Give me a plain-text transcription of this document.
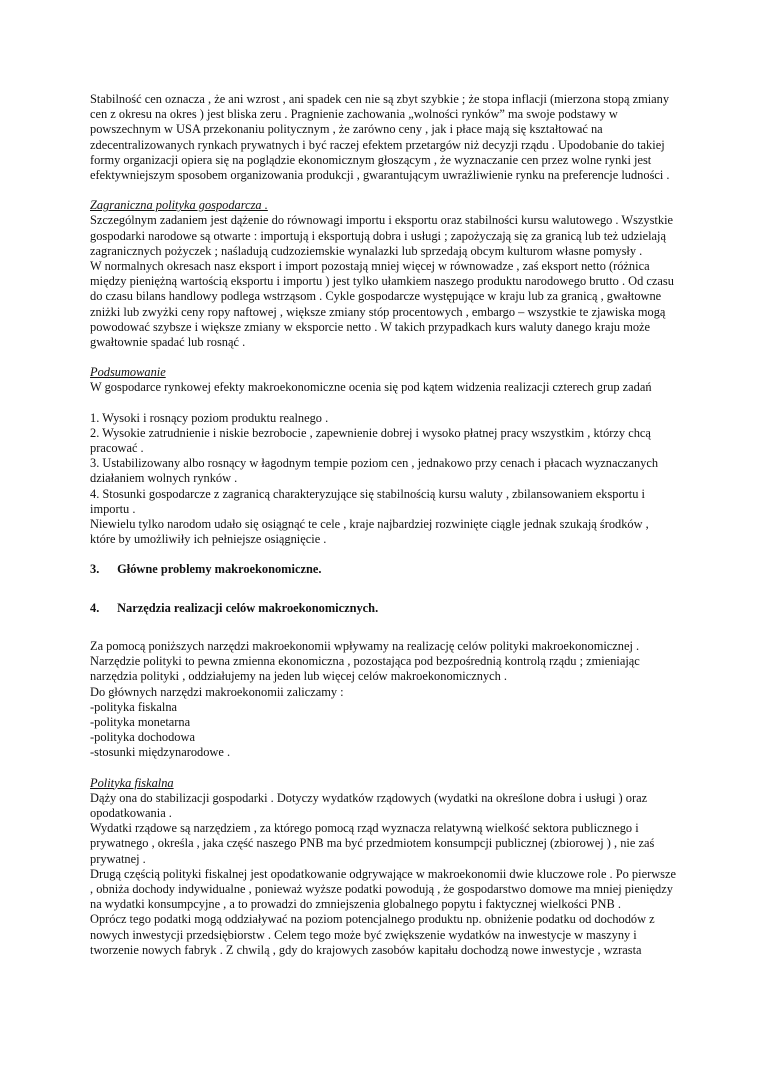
Stabilność cen oznacza , że ani wzrost , ani spadek cen nie są zbyt szybkie ; że stopa inflacji (mierzona stopą zmiany cen z okresu na okres ) jest bliska zeru . Pragnienie zachowania „wolności rynków” ma swoje podstawy w powszechnym w USA przekonaniu politycznym , że zarówno ceny , jak i płace mają się kształtować na zdecentralizowanych rynkach prywatnych i być raczej efektem przetargów niż decyzji rządu . Upodobanie do takiej formy organizacji opiera się na poglądzie ekonomicznym głoszącym , że wyznaczanie cen przez wolne rynki jest efektywniejszym sposobem organizowania produkcji , gwarantującym uwrażliwienie rynku na preferencje ludności .

Zagraniczna polityka gospodarcza .

Szczególnym zadaniem jest dążenie do równowagi importu i eksportu oraz stabilności kursu walutowego . Wszystkie gospodarki narodowe są otwarte : importują i eksportują dobra i usługi ; zapożyczają się za granicą lub też udzielają zagranicznych pożyczek ; naśladują cudzoziemskie wynalazki lub sprzedają obcym kulturom własne pomysły .

W normalnych okresach nasz eksport i import pozostają mniej więcej w równowadze , zaś eksport netto (różnica między pieniężną wartością eksportu i importu ) jest tylko ułamkiem naszego produktu narodowego brutto . Od czasu do czasu bilans handlowy podlega wstrząsom . Cykle gospodarcze występujące w kraju lub za granicą , gwałtowne zniżki lub zwyżki ceny ropy naftowej , większe zmiany stóp procentowych , embargo – wszystkie te zjawiska mogą powodować szybsze i większe zmiany w eksporcie netto . W takich przypadkach kurs waluty danego kraju może gwałtownie spadać lub rosnąć .

Podsumowanie

W gospodarce rynkowej efekty makroekonomiczne ocenia się pod kątem widzenia realizacji czterech grup zadań

1. Wysoki i rosnący poziom produktu realnego .

2. Wysokie zatrudnienie i niskie bezrobocie , zapewnienie dobrej i wysoko płatnej pracy wszystkim , którzy chcą pracować .

3. Ustabilizowany albo rosnący w łagodnym tempie poziom cen , jednakowo przy cenach i płacach wyznaczanych działaniem wolnych rynków .

4. Stosunki gospodarcze z zagranicą charakteryzujące się stabilnością kursu waluty , zbilansowaniem eksportu i importu .

Niewielu tylko narodom udało się osiągnąć te cele , kraje najbardziej rozwinięte ciągle jednak szukają środków , które by umożliwiły ich pełniejsze osiągnięcie .

3. Główne problemy makroekonomiczne.

4. Narzędzia realizacji celów makroekonomicznych.

Za pomocą poniższych narzędzi makroekonomii wpływamy na realizację celów polityki makroekonomicznej . Narzędzie polityki to pewna zmienna ekonomiczna , pozostająca pod bezpośrednią kontrolą rządu ; zmieniając narzędzia polityki , oddziałujemy na jeden lub więcej celów makroekonomicznych .

Do głównych narzędzi makroekonomii zaliczamy :

-polityka fiskalna

-polityka monetarna

-polityka dochodowa

-stosunki międzynarodowe .

Polityka fiskalna

Dąży ona do stabilizacji gospodarki . Dotyczy wydatków rządowych (wydatki na określone dobra i usługi ) oraz opodatkowania .

Wydatki rządowe są narzędziem , za którego pomocą rząd wyznacza relatywną wielkość sektora publicznego i prywatnego , określa , jaka część naszego PNB ma być przedmiotem konsumpcji publicznej (zbiorowej ) , nie zaś prywatnej .

Drugą częścią polityki fiskalnej jest opodatkowanie odgrywające w makroekonomii dwie kluczowe role . Po pierwsze , obniża dochody indywidualne , ponieważ wyższe podatki powodują , że gospodarstwo domowe ma mniej pieniędzy na wydatki konsumpcyjne , a to prowadzi do zmniejszenia globalnego popytu i faktycznej wielkości PNB .

Oprócz tego podatki mogą oddziaływać na poziom potencjalnego produktu np. obniżenie podatku od dochodów z nowych inwestycji przedsiębiorstw . Celem tego może być zwiększenie wydatków na inwestycje w maszyny i tworzenie nowych fabryk . Z chwilą , gdy do krajowych zasobów kapitału dochodzą nowe inwestycje , wzrasta
